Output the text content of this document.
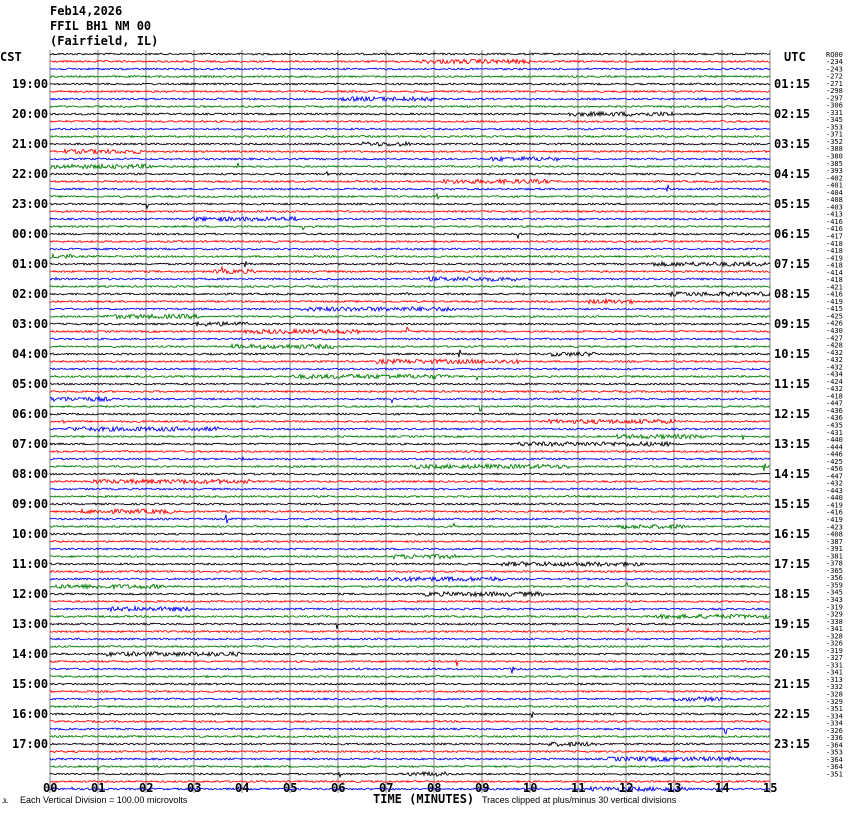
Feb14,2026
FFIL BH1 NM 00
(Fairfield, IL)
CST	UTC	RQ00
19:00
20:00
21:00
22:00
23:00
00:00
01:00
02:00
03:00
04:00
05:00
06:00
07:00
08:00
09:00
10:00
11:00
12:00
13:00
14:00
15:00
16:00
17:00
01:15
02:15
03:15
04:15
05:15
06:15
07:15
08:15
09:15
10:15
11:15
12:15
13:15
14:15
15:15
16:15
17:15
18:15
19:15
20:15
21:15
22:15
23:15
-234
-243
-272
-271
-298
-297
-306
-331
-345
-353
-371
-352
-388
-380
-385
-393
-402
-401
-404
-408
-403
-413
-416
-416
-417
-418
-418
-419
-418
-414
-418
-421
-416
-419
-415
-425
-426
-430
-427
-428
-432
-432
-432
-434
-424
-432
-418
-447
-436
-436
-435
-431
-440
-444
-446
-425
-456
-447
-432
-443
-440
-419
-416
-419
-423
-408
-387
-391
-381
-378
-365
-356
-359
-345
-343
-319
-329
-338
-341
-328
-326
-319
-327
-331
-341
-313
-332
-328
-329
-351
-334
-334
-326
-336
-364
-353
-364
-364
-351
00	01	02	03	04	05	06	07	08	09	10	11	12	13	14	15
JL Each Vertical Division = 100.00 microvolts	TIME (MINUTES) Traces clipped at plus/minus 30 vertical divisions
